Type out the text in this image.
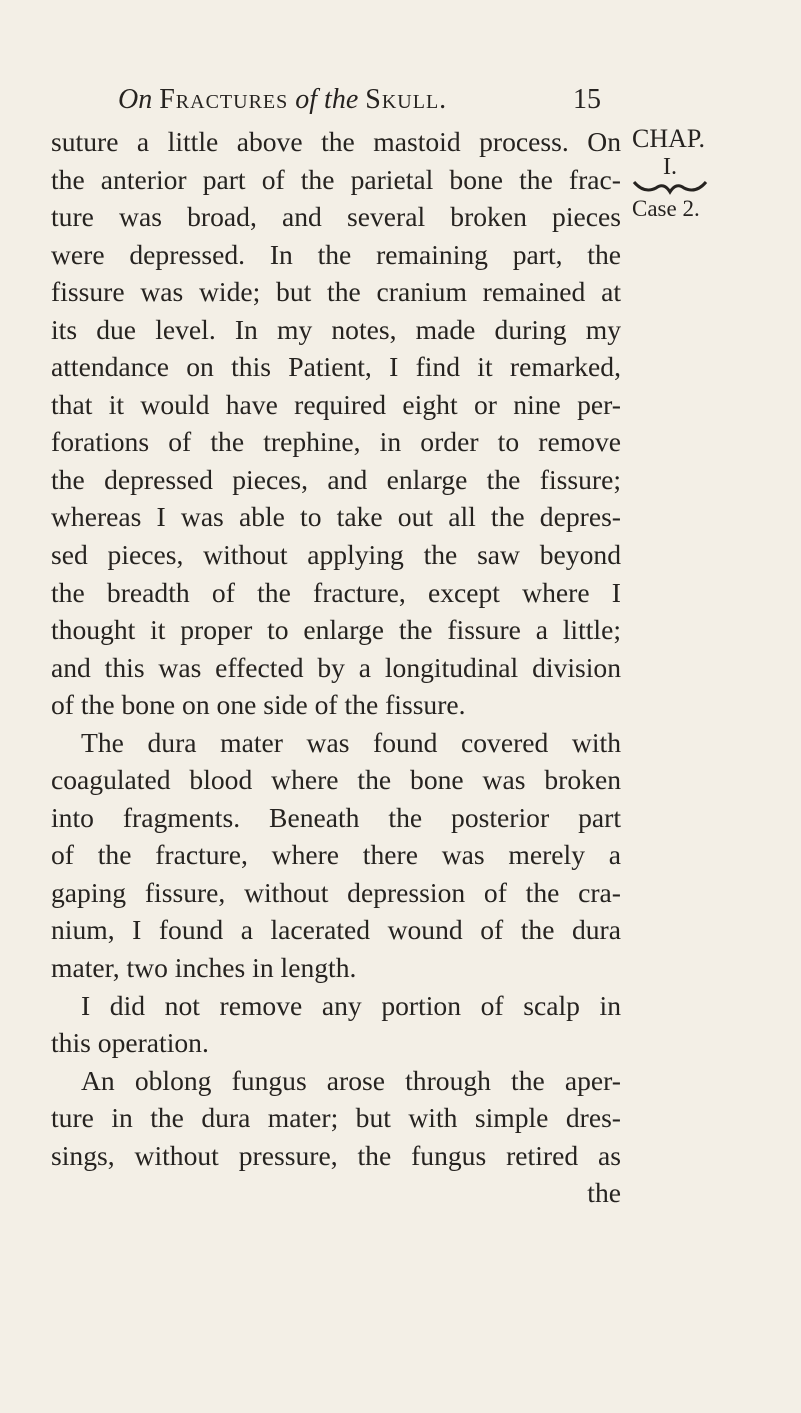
On Fractures of the Skull.	15
CHAP.
I.
Case 2.
suture a little above the mastoid process. On
the anterior part of the parietal bone the frac-
ture was broad, and several broken pieces
were depressed. In the remaining part, the
fissure was wide; but the cranium remained at
its due level. In my notes, made during my
attendance on this Patient, I find it remarked,
that it would have required eight or nine per-
forations of the trephine, in order to remove
the depressed pieces, and enlarge the fissure;
whereas I was able to take out all the depres-
sed pieces, without applying the saw beyond
the breadth of the fracture, except where I
thought it proper to enlarge the fissure a little;
and this was effected by a longitudinal division
of the bone on one side of the fissure.
The dura mater was found covered with
coagulated blood where the bone was broken
into fragments. Beneath the posterior part
of the fracture, where there was merely a
gaping fissure, without depression of the cra-
nium, I found a lacerated wound of the dura
mater, two inches in length.
I did not remove any portion of scalp in
this operation.
An oblong fungus arose through the aper-
ture in the dura mater; but with simple dres-
sings, without pressure, the fungus retired as
the
